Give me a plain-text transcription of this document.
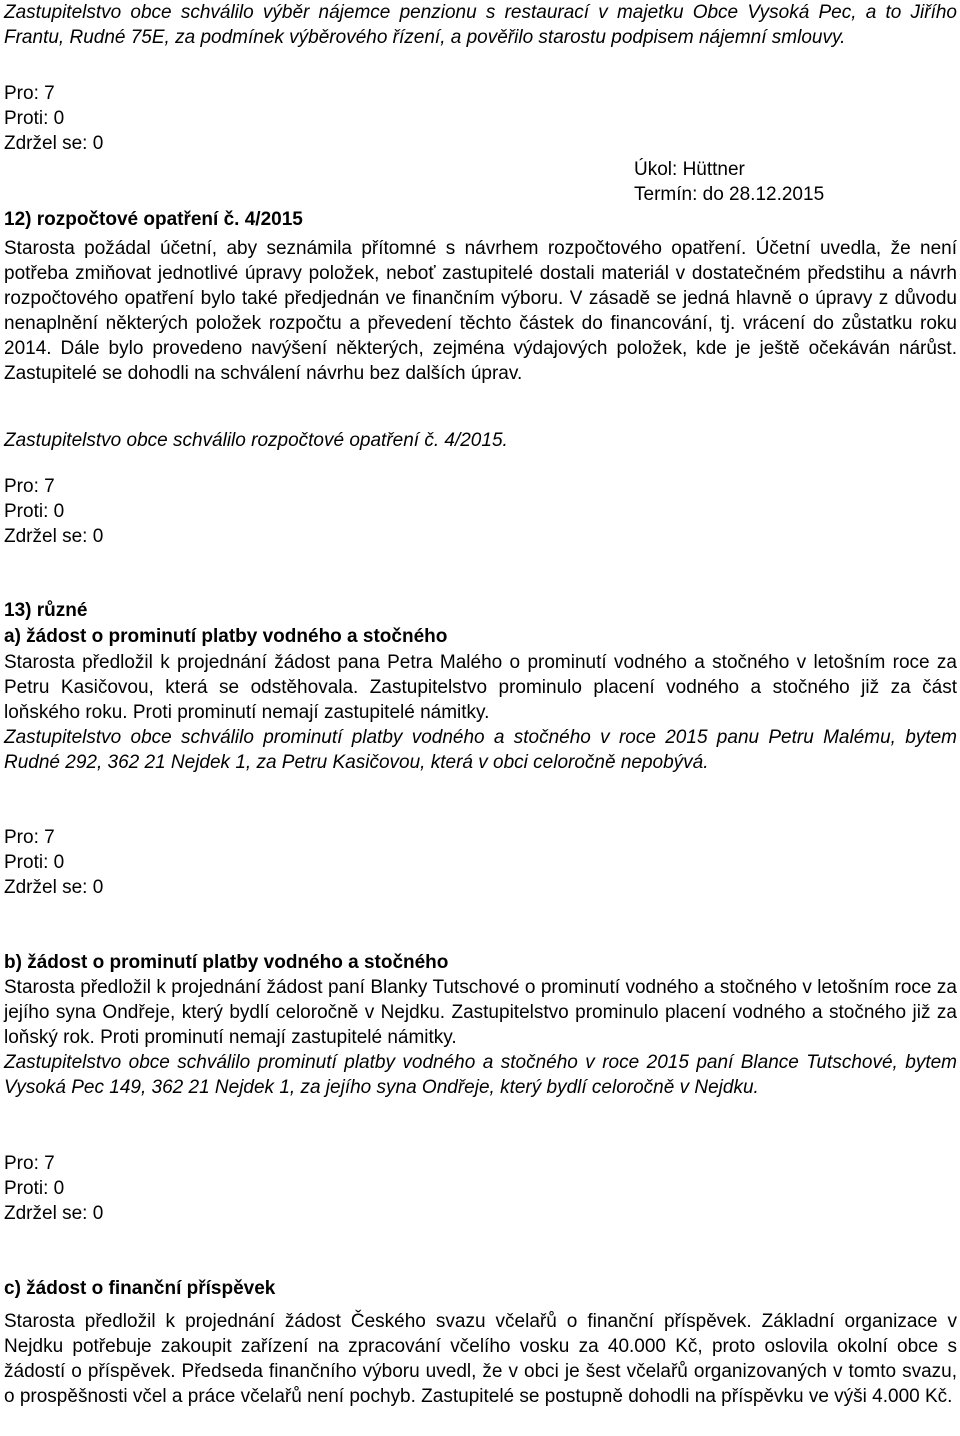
Zastupitelstvo obce schválilo výběr nájemce penzionu s restaurací v majetku Obce Vysoká Pec, a to Jiřího Frantu, Rudné 75E, za podmínek výběrového řízení, a pověřilo starostu podpisem nájemní smlouvy.

Pro: 7
Proti: 0
Zdržel se: 0
Úkol: Hüttner
Termín: do 28.12.2015
12) rozpočtové opatření č. 4/2015

Starosta požádal účetní, aby seznámila přítomné s návrhem rozpočtového opatření. Účetní uvedla, že není potřeba zmiňovat jednotlivé úpravy položek, neboť zastupitelé dostali materiál v dostatečném předstihu a návrh rozpočtového opatření bylo také předjednán ve finančním výboru. V zásadě se jedná hlavně o úpravy z důvodu nenaplnění některých položek rozpočtu a převedení těchto částek do financování, tj. vrácení do zůstatku roku 2014. Dále bylo provedeno navýšení některých, zejména výdajových položek, kde je ještě očekáván nárůst. Zastupitelé se dohodli na schválení návrhu bez dalších úprav.

Zastupitelstvo obce schválilo rozpočtové opatření č. 4/2015.

Pro: 7
Proti: 0
Zdržel se: 0
13) různé
a) žádost o prominutí platby vodného a stočného

Starosta předložil k projednání žádost pana Petra Malého o prominutí vodného a stočného v letošním roce za Petru Kasičovou, která se odstěhovala. Zastupitelstvo prominulo placení vodného a stočného již za část loňského roku. Proti prominutí nemají zastupitelé námitky.

Zastupitelstvo obce schválilo prominutí platby vodného a stočného v roce 2015 panu Petru Malému, bytem Rudné 292, 362 21 Nejdek 1, za Petru Kasičovou, která v obci celoročně nepobývá.

Pro: 7
Proti: 0
Zdržel se: 0
b) žádost o prominutí platby vodného a stočného

Starosta předložil k projednání žádost paní Blanky Tutschové o prominutí vodného a stočného v letošním roce za jejího syna Ondřeje, který bydlí celoročně v Nejdku. Zastupitelstvo prominulo placení vodného a stočného již za loňský rok. Proti prominutí nemají zastupitelé námitky.

Zastupitelstvo obce schválilo prominutí platby vodného a stočného v roce 2015 paní Blance Tutschové, bytem Vysoká Pec 149, 362 21 Nejdek 1, za jejího syna Ondřeje, který bydlí celoročně v Nejdku.

Pro: 7
Proti: 0
Zdržel se: 0
c) žádost o finanční příspěvek

Starosta předložil k projednání žádost Českého svazu včelařů o finanční příspěvek. Základní organizace v Nejdku potřebuje zakoupit zařízení na zpracování včelího vosku za 40.000 Kč, proto oslovila okolní obce s žádostí o příspěvek. Předseda finančního výboru uvedl, že v obci je šest včelařů organizovaných v tomto svazu, o prospěšnosti včel a práce včelařů není pochyb. Zastupitelé se postupně dohodli na příspěvku ve výši 4.000 Kč.
